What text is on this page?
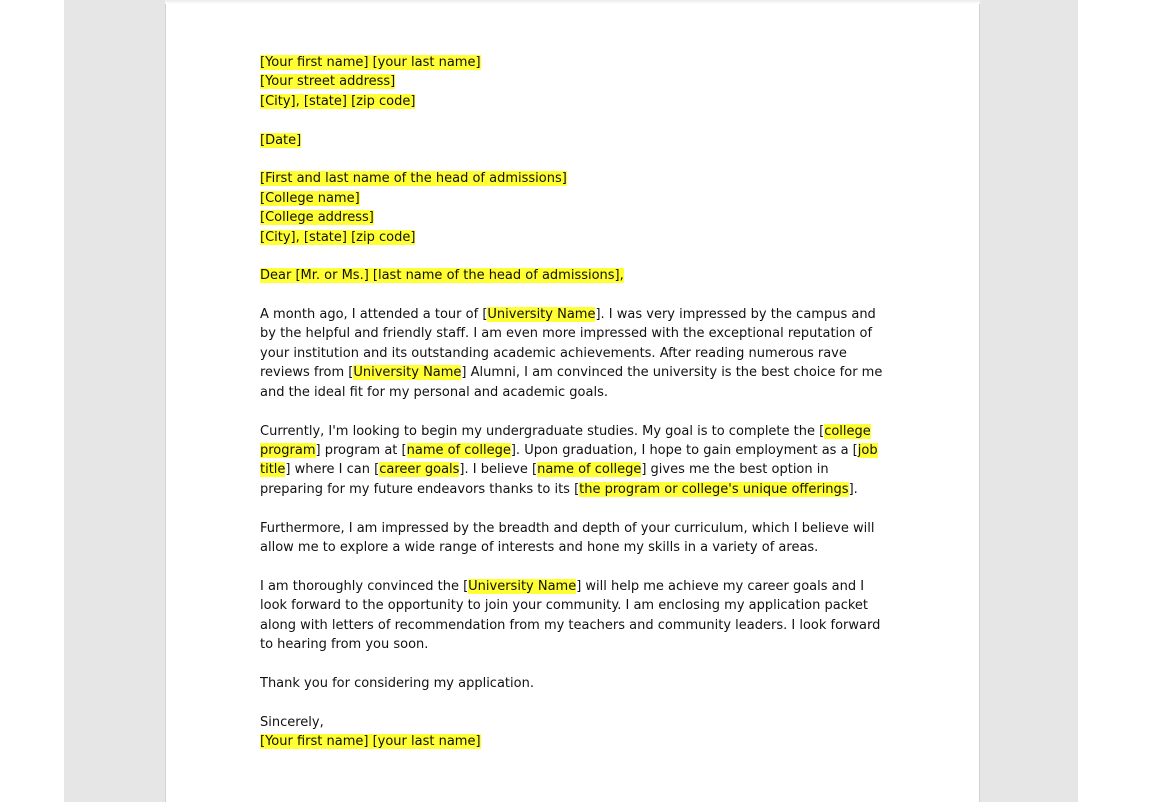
[Your first name] [your last name]
[Your street address]
[City], [state] [zip code]
[Date]
[First and last name of the head of admissions]
[College name]
[College address]
[City], [state] [zip code]
Dear [Mr. or Ms.] [last name of the head of admissions],

A month ago, I attended a tour of [University Name]. I was very impressed by the campus and by the helpful and friendly staff. I am even more impressed with the exceptional reputation of your institution and its outstanding academic achievements. After reading numerous rave reviews from [University Name] Alumni, I am convinced the university is the best choice for me and the ideal fit for my personal and academic goals.

Currently, I'm looking to begin my undergraduate studies. My goal is to complete the [college program] program at [name of college]. Upon graduation, I hope to gain employment as a [job title] where I can [career goals]. I believe [name of college] gives me the best option in preparing for my future endeavors thanks to its [the program or college's unique offerings].

Furthermore, I am impressed by the breadth and depth of your curriculum, which I believe will allow me to explore a wide range of interests and hone my skills in a variety of areas.

I am thoroughly convinced the [University Name] will help me achieve my career goals and I look forward to the opportunity to join your community. I am enclosing my application packet along with letters of recommendation from my teachers and community leaders. I look forward to hearing from you soon.

Thank you for considering my application.

Sincerely,
[Your first name] [your last name]
